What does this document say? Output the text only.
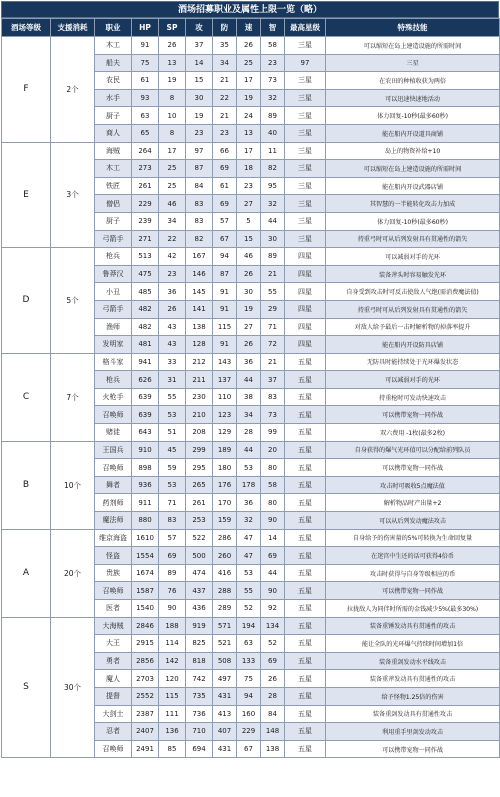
酒场招募职业及属性上限一览（略）
酒场等级	支援消耗	职业	HP	SP	攻	防	速	智	最高星级	特殊技能
F	2个	木工	91	26	37	35	26	58	三星	可以缩短在岛上建造设施的所需时间
		船夫	75	13	14	34	25	23	97	三星
		农民	61	19	15	21	17	73	三星	在农田的种植收获为两倍
		水手	93	8	30	22	19	32	三星	可以迅速快速地活动
		厨子	63	10	19	21	24	89	三星	体力回复-10秒(最多60秒)
		商人	65	8	23	23	13	40	三星	能在船内开设道具商铺
E	3个	海贼	264	17	97	66	17	11	三星	岛上的物资补给+10
		木工	273	25	87	69	18	82	三星	可以缩短在岛上建造设施的所需时间
		铁匠	261	25	84	61	23	95	三星	能在船内开设武器店铺
		僧侣	229	46	83	69	27	32	三星	其智慧的一半能转化攻击力加成
		厨子	239	34	83	57	5	44	三星	体力回复-10秒(最多60秒)
		弓箭手	271	22	82	67	15	30	三星	持重弓时可从后列发射具有贯通性的箭矢
D	5个	枪兵	513	42	167	94	46	89	四星	可以减弱对手的光环
		鲁莽汉	475	23	146	87	26	21	四星	装备斧头时容易触发光环
		小丑	485	36	145	91	30	55	四星	自身受到攻击时可反击使敌人气绝(需消费魔法值)
		弓箭手	482	26	141	91	19	29	四星	持重弓时可从后列发射具有贯通性的箭矢
		渔师	482	43	138	115	27	71	四星	对敌人给予最后一击时解析物的掉落率提升
		发明家	481	43	128	91	26	72	四星	能在船内开设防具店铺
C	7个	格斗家	941	33	212	143	36	21	五星	无防具时能持续处于光环爆发状态
		枪兵	626	31	211	137	44	37	五星	可以减弱对手的光环
		火枪手	639	55	230	110	38	83	五星	持重枪时可发动快速攻击
		召唤师	639	53	210	123	34	73	五星	可以携带宠物一同作战
		赌徒	643	51	208	129	28	99	五星	双六费用 -1枚(最多2枚)
B	10个	王国兵	910	45	299	189	44	20	五星	自身获得的爆气光环值可以分配给前列队员
		召唤师	898	59	295	180	53	80	五星	可以携带宠物一同作战
		舞者	936	53	265	176	178	58	五星	攻击时可吸收5点魔法值
		药剂师	911	71	261	170	36	80	五星	解析物品时产出量+2
		魔法师	880	83	253	159	32	90	五星	可以从后列发动魔法攻击
A	20个	维京海盗	1610	57	522	286	47	14	五星	自身给予的伤害量的5%可转换为生命回复量
		怪盗	1554	69	500	260	47	69	五星	在迷宫中生还的话可获得4倍币
		贵族	1674	89	474	416	53	44	五星	攻击时获得与自身等级相应的币
		召唤师	1587	76	437	288	55	90	五星	可以携带宠物一同作战
		医者	1540	90	436	289	52	92	五星	拉拢敌人为同伴时所需的金钱减少5%(最多30%)
S	30个	大海贼	2846	188	919	571	194	134	五星	装备重锤发动具有贯通性的攻击
		大王	2915	114	825	521	63	52	五星	能让全队的光环爆气持续时间增加1倍
		勇者	2856	142	818	508	133	69	五星	装备重剑发动水平线攻击
		魔人	2703	120	742	497	75	26	五星	装备重斧发动具有贯通性的攻击
		提督	2552	115	735	431	94	28	五星	给予怪物1.25倍的伤害
		大剑士	2387	111	736	413	160	84	五星	装备重剑发动具有贯通性攻击
		忍者	2407	136	710	407	229	148	五星	利用重手里剑发动攻击
		召唤师	2491	85	694	431	67	138	五星	可以携带宠物一同作战
